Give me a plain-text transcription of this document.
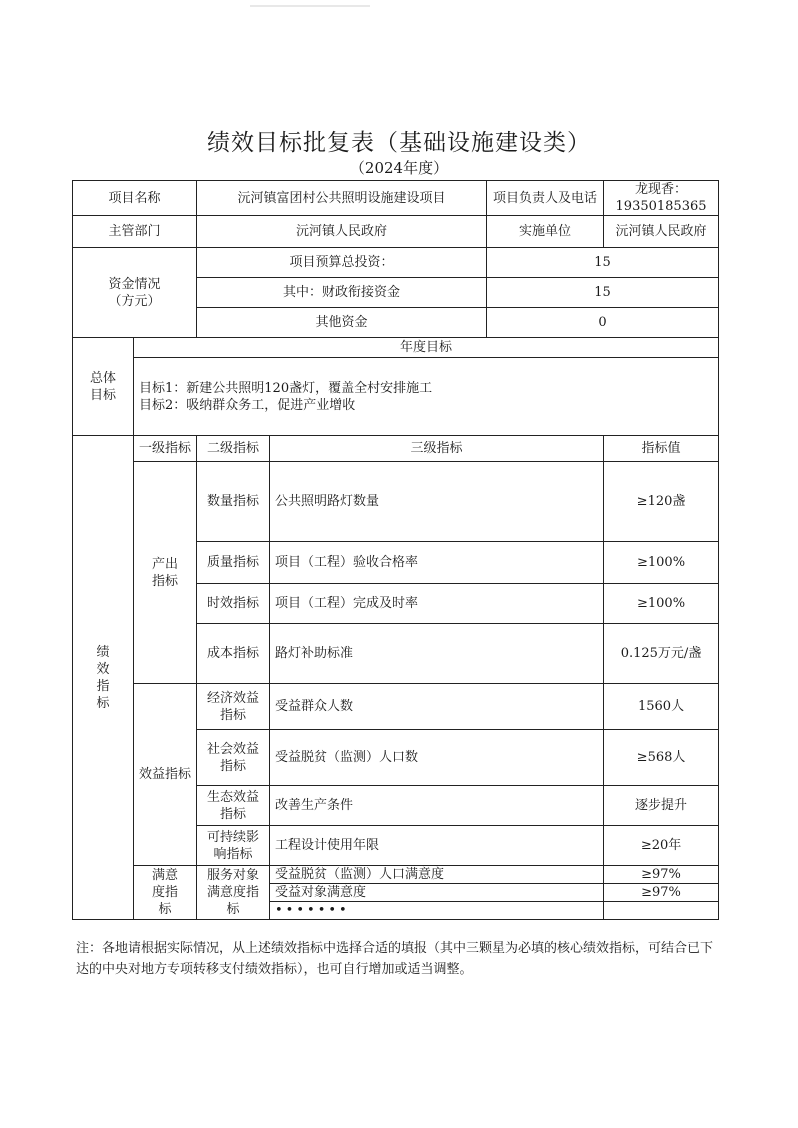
绩效目标批复表（基础设施建设类）
（2024年度）
项目名称		沅河镇富团村公共照明设施建设项目		项目负责人及电话	龙现香：19350185365
主管部门		沅河镇人民政府		实施单位	沅河镇人民政府

资金情况
（方元）		项目预算总投资：		15	
		其中：财政衔接资金		15	
		其他资金		0	
总体目标	年度目标				

	目标1：新建公共照明120盏灯，覆盖全村安排施工
目标2：吸纳群众务工，促进产业增收				

绩效指标	一级指标	二级指标	三级指标		指标值
	产出指标	数量指标	公共照明路灯数量		≥120盏
		质量指标	项目（工程）验收合格率		≥100%
		时效指标	项目（工程）完成及时率		≥100%
		成本指标	路灯补助标准		0.125万元/盏
	效益指标	经济效益指标	受益群众人数		1560人
		社会效益指标	受益脱贫（监测）人口数		≥568人
		生态效益指标	改善生产条件		逐步提升
		可持续影响指标	工程设计使用年限		≥20年
	满意度指标	服务对象满意度指标	受益脱贫（监测）人口满意度		≥97%
			受益对象满意度		≥97%
			•••••••		
注：各地请根据实际情况，从上述绩效指标中选择合适的填报（其中三颗星为必填的核心绩效指标，可结合已下达的中央对地方专项转移支付绩效指标），也可自行增加或适当调整。
